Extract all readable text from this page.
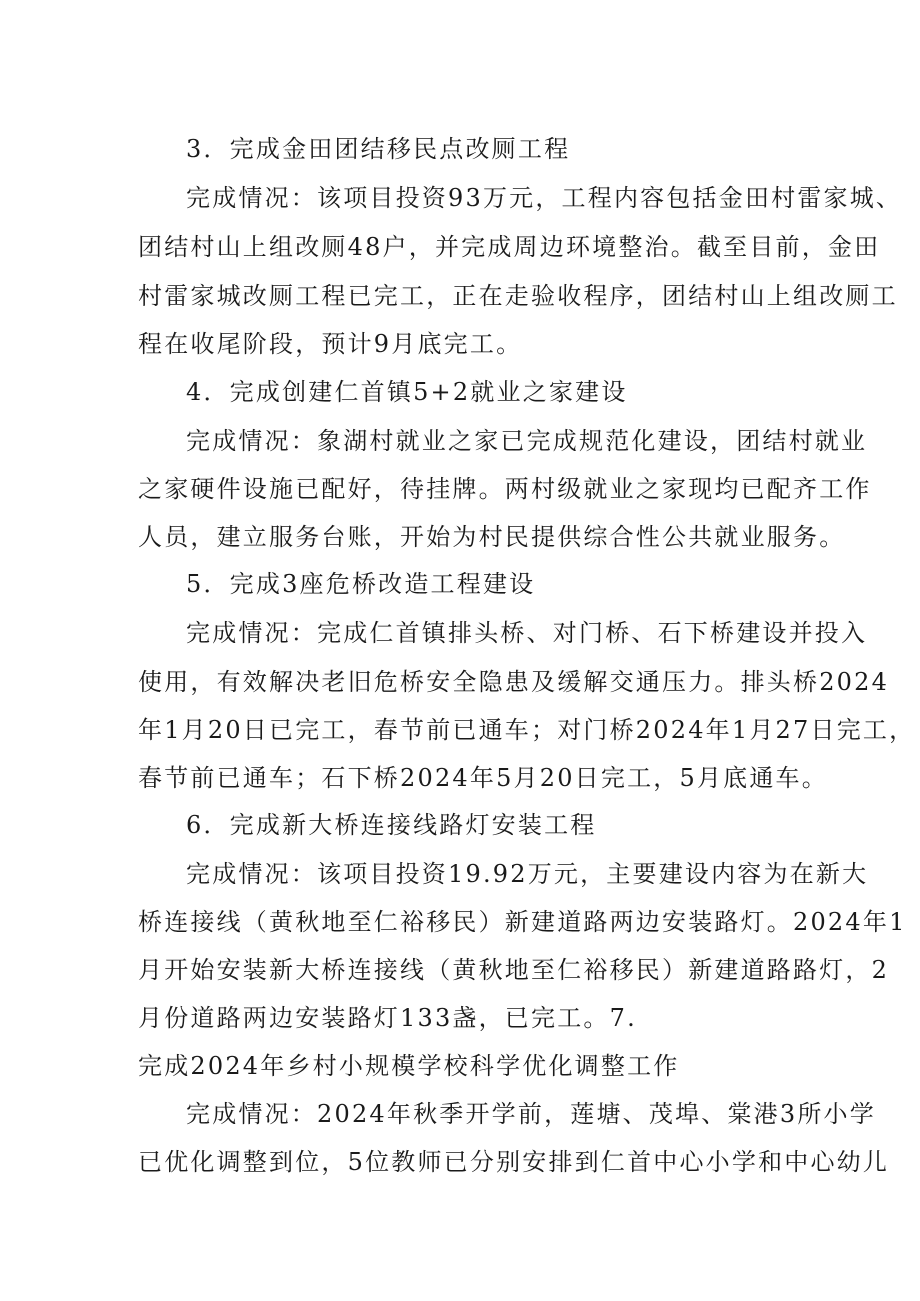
3．完成金田团结移民点改厕工程
完成情况：该项目投资93万元，工程内容包括金田村雷家城、
团结村山上组改厕48户，并完成周边环境整治。截至目前，金田
村雷家城改厕工程已完工，正在走验收程序，团结村山上组改厕工
程在收尾阶段，预计9月底完工。
4．完成创建仁首镇5+2就业之家建设
完成情况：象湖村就业之家已完成规范化建设，团结村就业
之家硬件设施已配好，待挂牌。两村级就业之家现均已配齐工作
人员，建立服务台账，开始为村民提供综合性公共就业服务。
5．完成3座危桥改造工程建设
完成情况：完成仁首镇排头桥、对门桥、石下桥建设并投入
使用，有效解决老旧危桥安全隐患及缓解交通压力。排头桥2024
年1月20日已完工，春节前已通车；对门桥2024年1月27日完工，
春节前已通车；石下桥2024年5月20日完工，5月底通车。
6．完成新大桥连接线路灯安装工程
完成情况：该项目投资19.92万元，主要建设内容为在新大
桥连接线（黄秋地至仁裕移民）新建道路两边安装路灯。2024年1
月开始安装新大桥连接线（黄秋地至仁裕移民）新建道路路灯，2
月份道路两边安装路灯133盏，已完工。7.
完成2024年乡村小规模学校科学优化调整工作
完成情况：2024年秋季开学前，莲塘、茂埠、棠港3所小学
已优化调整到位，5位教师已分别安排到仁首中心小学和中心幼儿
